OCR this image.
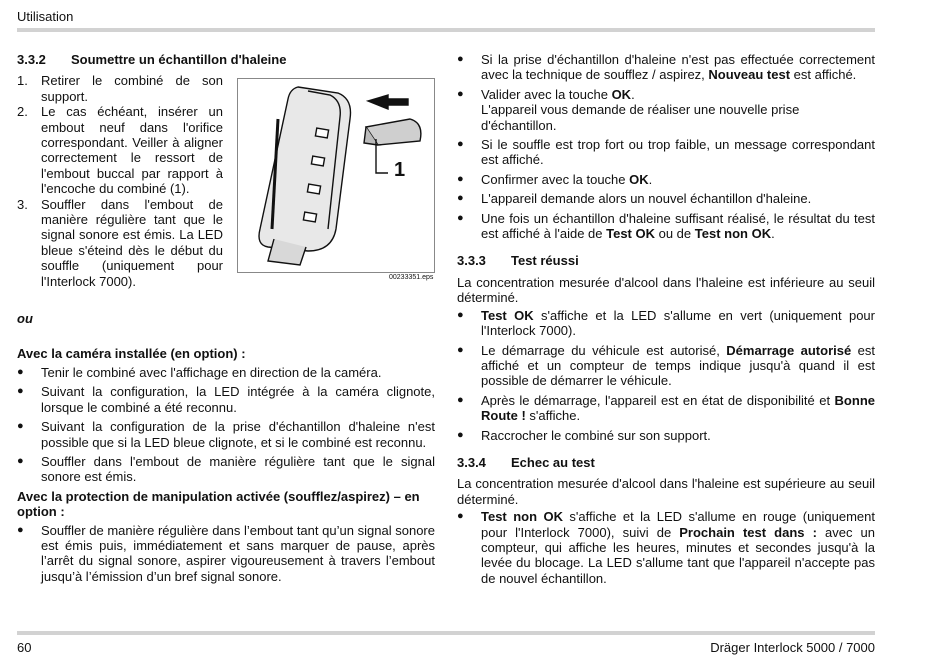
Utilisation
3.3.2	Soumettre un échantillon d'haleine
1.	Retirer le combiné de son support.
2.	Le cas échéant, insérer un embout neuf dans l'orifice correspondant. Veiller à aligner correctement le ressort de l'embout buccal par rapport à l'encoche du combiné (1).
3.	Souffler dans l'embout de manière régulière tant que le signal sonore est émis. La LED bleue s'éteind dès le début du souffle (uniquement pour l'Interlock 7000).
ou
Avec la caméra installée (en option) :
●	Tenir le combiné avec l'affichage en direction de la caméra.
●	Suivant la configuration, la LED intégrée à la caméra clignote, lorsque le combiné a été reconnu.
●	Suivant la configuration de la prise d'échantillon d'haleine n'est possible que si la LED bleue clignote, et si le combiné est reconnu.
●	Souffler dans l'embout de manière régulière tant que le signal sonore est émis.
Avec la protection de manipulation activée (soufflez/aspirez) – en option :
●	Souffler de manière régulière dans l’embout tant qu’un signal sonore est émis puis, immédiatement et sans marquer de pause, après l’arrêt du signal sonore, aspirer vigoureusement à travers l’embout jusqu’à l’émission d’un bref signal sonore.
1
00233351.eps
●	Si la prise d'échantillon d'haleine n'est pas effectuée correctement avec la technique de soufflez / aspirez, Nouveau test est affiché.
●	Valider avec la touche OK.
L'appareil vous demande de réaliser une nouvelle prise d'échantillon.
●	Si le souffle est trop fort ou trop faible, un message correspondant est affiché.
●	Confirmer avec la touche OK.
●	L'appareil demande alors un nouvel échantillon d'haleine.
●	Une fois un échantillon d'haleine suffisant réalisé, le résultat du test est affiché à l'aide de Test OK ou de Test non OK.
3.3.3	Test réussi

La concentration mesurée d'alcool dans l'haleine est inférieure au seuil déterminé.

●	Test OK s'affiche et la LED s'allume en vert (uniquement pour l'Interlock 7000).
●	Le démarrage du véhicule est autorisé, Démarrage autorisé est affiché et un compteur de temps indique jusqu'à quand il est possible de démarrer le véhicule.
●	Après le démarrage, l'appareil est en état de disponibilité et Bonne Route ! s'affiche.
●	Raccrocher le combiné sur son support.
3.3.4	Echec au test

La concentration mesurée d'alcool dans l'haleine est supérieure au seuil déterminé.

●	Test non OK s'affiche et la LED s'allume en rouge (uniquement pour l'Interlock 7000), suivi de Prochain test dans : avec un compteur, qui affiche les heures, minutes et secondes jusqu'à la levée du blocage. La LED s'allume tant que l'appareil n'accepte pas de nouvel échantillon.
60	Dräger Interlock 5000 / 7000
